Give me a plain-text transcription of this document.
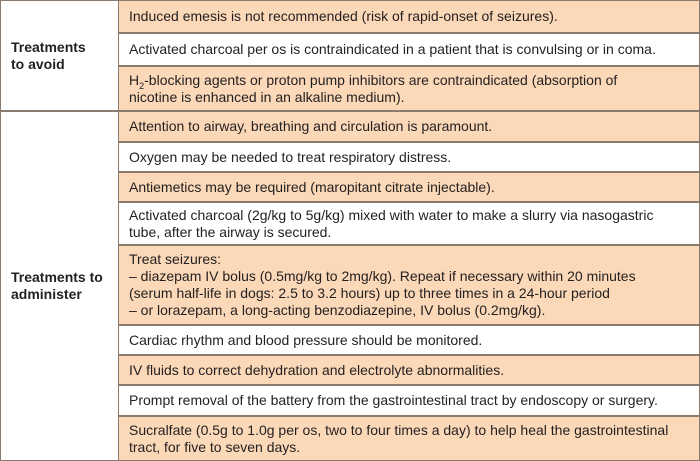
Treatments
to avoid
Induced emesis is not recommended (risk of rapid-onset of seizures).
Activated charcoal per os is contraindicated in a patient that is convulsing or in coma.
$H_2$-blocking agents or proton pump inhibitors are contraindicated (absorption of
nicotine is enhanced in an alkaline medium).
Treatments to
administer
Attention to airway, breathing and circulation is paramount.
Oxygen may be needed to treat respiratory distress.
Antiemetics may be required (maropitant citrate injectable).
Activated charcoal (2g/kg to 5g/kg) mixed with water to make a slurry via nasogastric
tube, after the airway is secured.
Treat seizures:
– diazepam IV bolus (0.5mg/kg to 2mg/kg). Repeat if necessary within 20 minutes
(serum half-life in dogs: 2.5 to 3.2 hours) up to three times in a 24-hour period
– or lorazepam, a long-acting benzodiazepine, IV bolus (0.2mg/kg).
Cardiac rhythm and blood pressure should be monitored.
IV fluids to correct dehydration and electrolyte abnormalities.
Prompt removal of the battery from the gastrointestinal tract by endoscopy or surgery.
Sucralfate (0.5g to 1.0g per os, two to four times a day) to help heal the gastrointestinal
tract, for five to seven days.
